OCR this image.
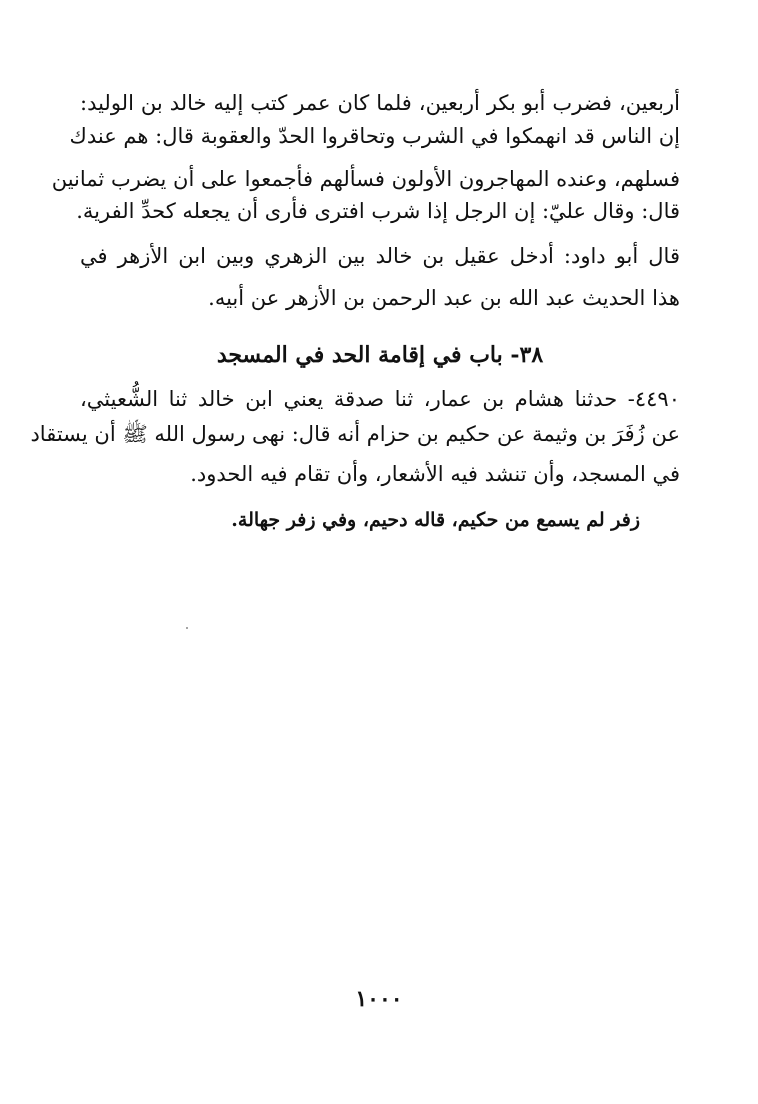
أربعين، فضرب أبو بكر أربعين، فلما كان عمر كتب إليه خالد بن الوليد:
إن الناس قد انهمكوا في الشرب وتحاقروا الحدّ والعقوبة قال: هم عندك
فسلهم، وعنده المهاجرون الأولون فسألهم فأجمعوا على أن يضرب ثمانين
قال: وقال عليّ: إن الرجل إذا شرب افترى فأرى أن يجعله كحدِّ الفرية.
قال أبو داود: أدخل عقيل بن خالد بين الزهري وبين ابن الأزهر في
هذا الحديث عبد الله بن عبد الرحمن بن الأزهر عن أبيه.
٣٨- باب في إقامة الحد في المسجد
٤٤٩٠- حدثنا هشام بن عمار، ثنا صدقة يعني ابن خالد ثنا الشُّعيثي،
عن زُفَرَ بن وثيمة عن حكيم بن حزام أنه قال: نهى رسول الله ﷺ أن يستقاد
في المسجد، وأن تنشد فيه الأشعار، وأن تقام فيه الحدود.
زفر لم يسمع من حكيم، قاله دحيم، وفي زفر جهالة.
١٠٠٠
